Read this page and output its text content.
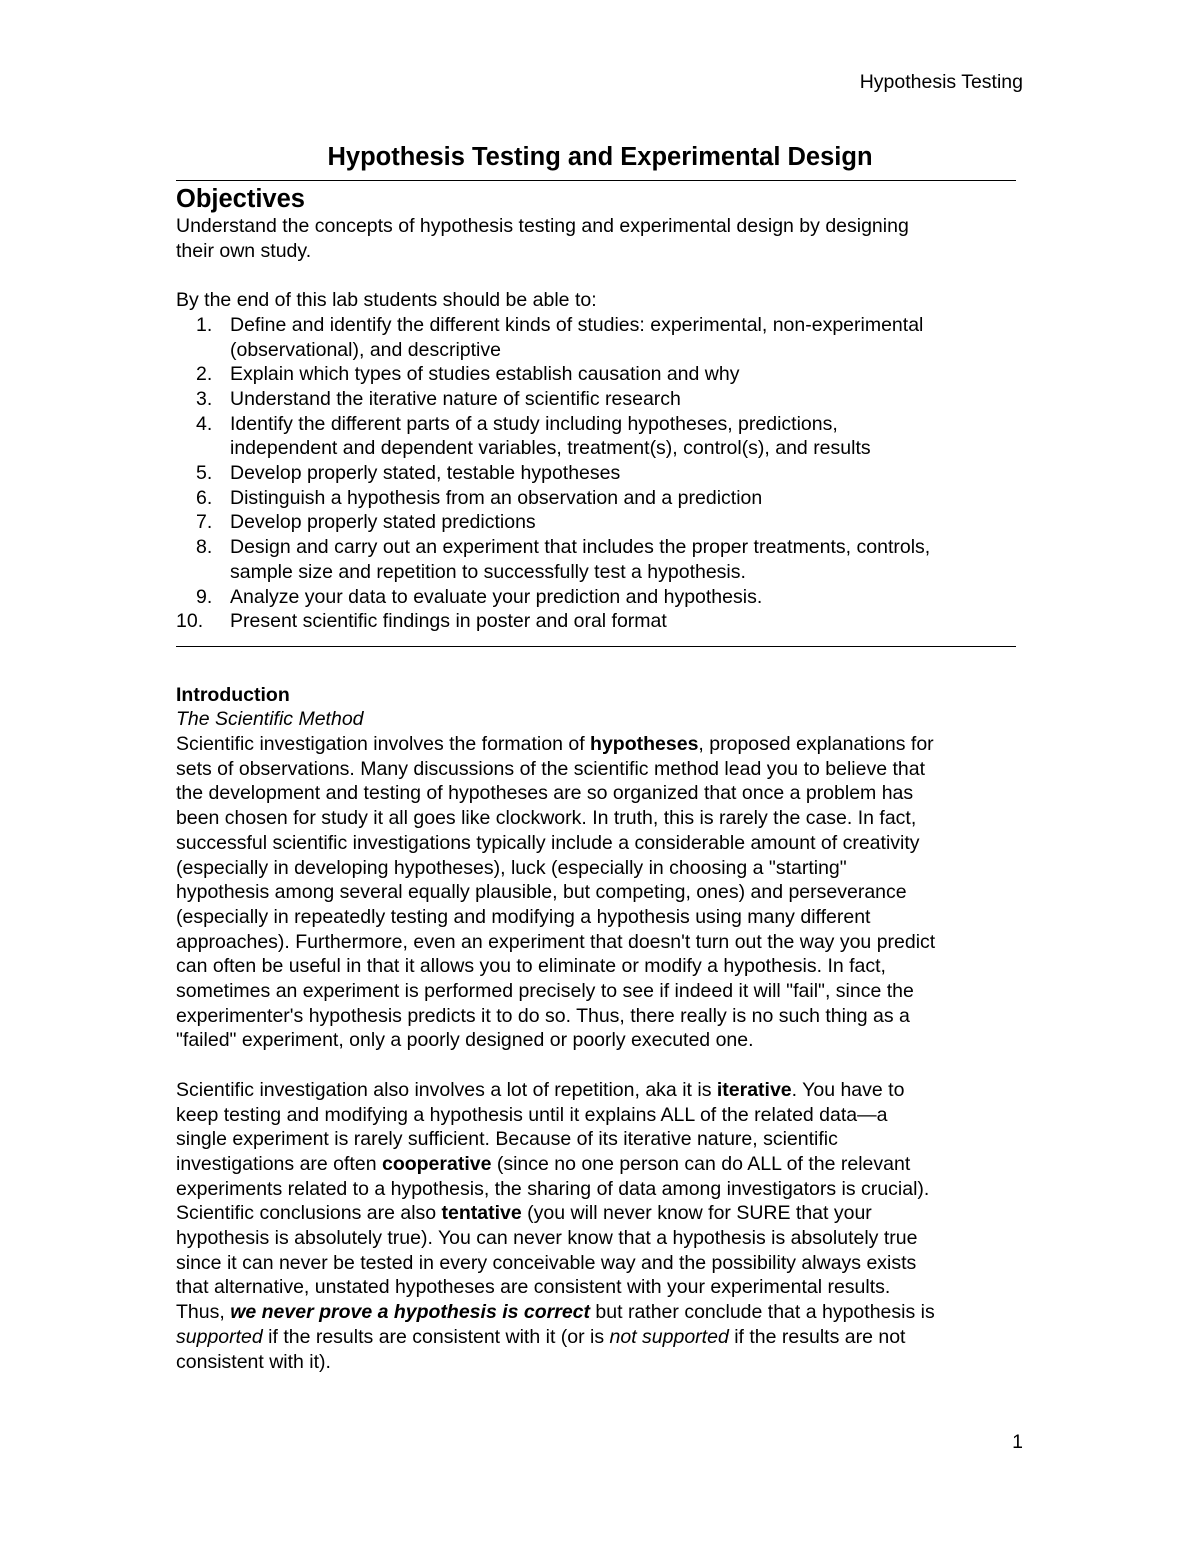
Hypothesis Testing
Hypothesis Testing and Experimental Design
Objectives

Understand the concepts of hypothesis testing and experimental design by designing
their own study.

By the end of this lab students should be able to:

1. Define and identify the different kinds of studies: experimental, non-experimental
(observational), and descriptive
2. Explain which types of studies establish causation and why
3. Understand the iterative nature of scientific research
4. Identify the different parts of a study including hypotheses, predictions,
independent and dependent variables, treatment(s), control(s), and results
5. Develop properly stated, testable hypotheses
6. Distinguish a hypothesis from an observation and a prediction
7. Develop properly stated predictions
8. Design and carry out an experiment that includes the proper treatments, controls,
sample size and repetition to successfully test a hypothesis.
9. Analyze your data to evaluate your prediction and hypothesis.
10. Present scientific findings in poster and oral format

Introduction

The Scientific Method

Scientific investigation involves the formation of hypotheses, proposed explanations for
sets of observations. Many discussions of the scientific method lead you to believe that
the development and testing of hypotheses are so organized that once a problem has
been chosen for study it all goes like clockwork. In truth, this is rarely the case. In fact,
successful scientific investigations typically include a considerable amount of creativity
(especially in developing hypotheses), luck (especially in choosing a "starting"
hypothesis among several equally plausible, but competing, ones) and perseverance
(especially in repeatedly testing and modifying a hypothesis using many different
approaches). Furthermore, even an experiment that doesn't turn out the way you predict
can often be useful in that it allows you to eliminate or modify a hypothesis. In fact,
sometimes an experiment is performed precisely to see if indeed it will "fail", since the
experimenter's hypothesis predicts it to do so. Thus, there really is no such thing as a
"failed" experiment, only a poorly designed or poorly executed one.

Scientific investigation also involves a lot of repetition, aka it is iterative. You have to
keep testing and modifying a hypothesis until it explains ALL of the related data—a
single experiment is rarely sufficient. Because of its iterative nature, scientific
investigations are often cooperative (since no one person can do ALL of the relevant
experiments related to a hypothesis, the sharing of data among investigators is crucial).
Scientific conclusions are also tentative (you will never know for SURE that your
hypothesis is absolutely true). You can never know that a hypothesis is absolutely true
since it can never be tested in every conceivable way and the possibility always exists
that alternative, unstated hypotheses are consistent with your experimental results.
Thus, we never prove a hypothesis is correct but rather conclude that a hypothesis is
supported if the results are consistent with it (or is not supported if the results are not
consistent with it).

1
